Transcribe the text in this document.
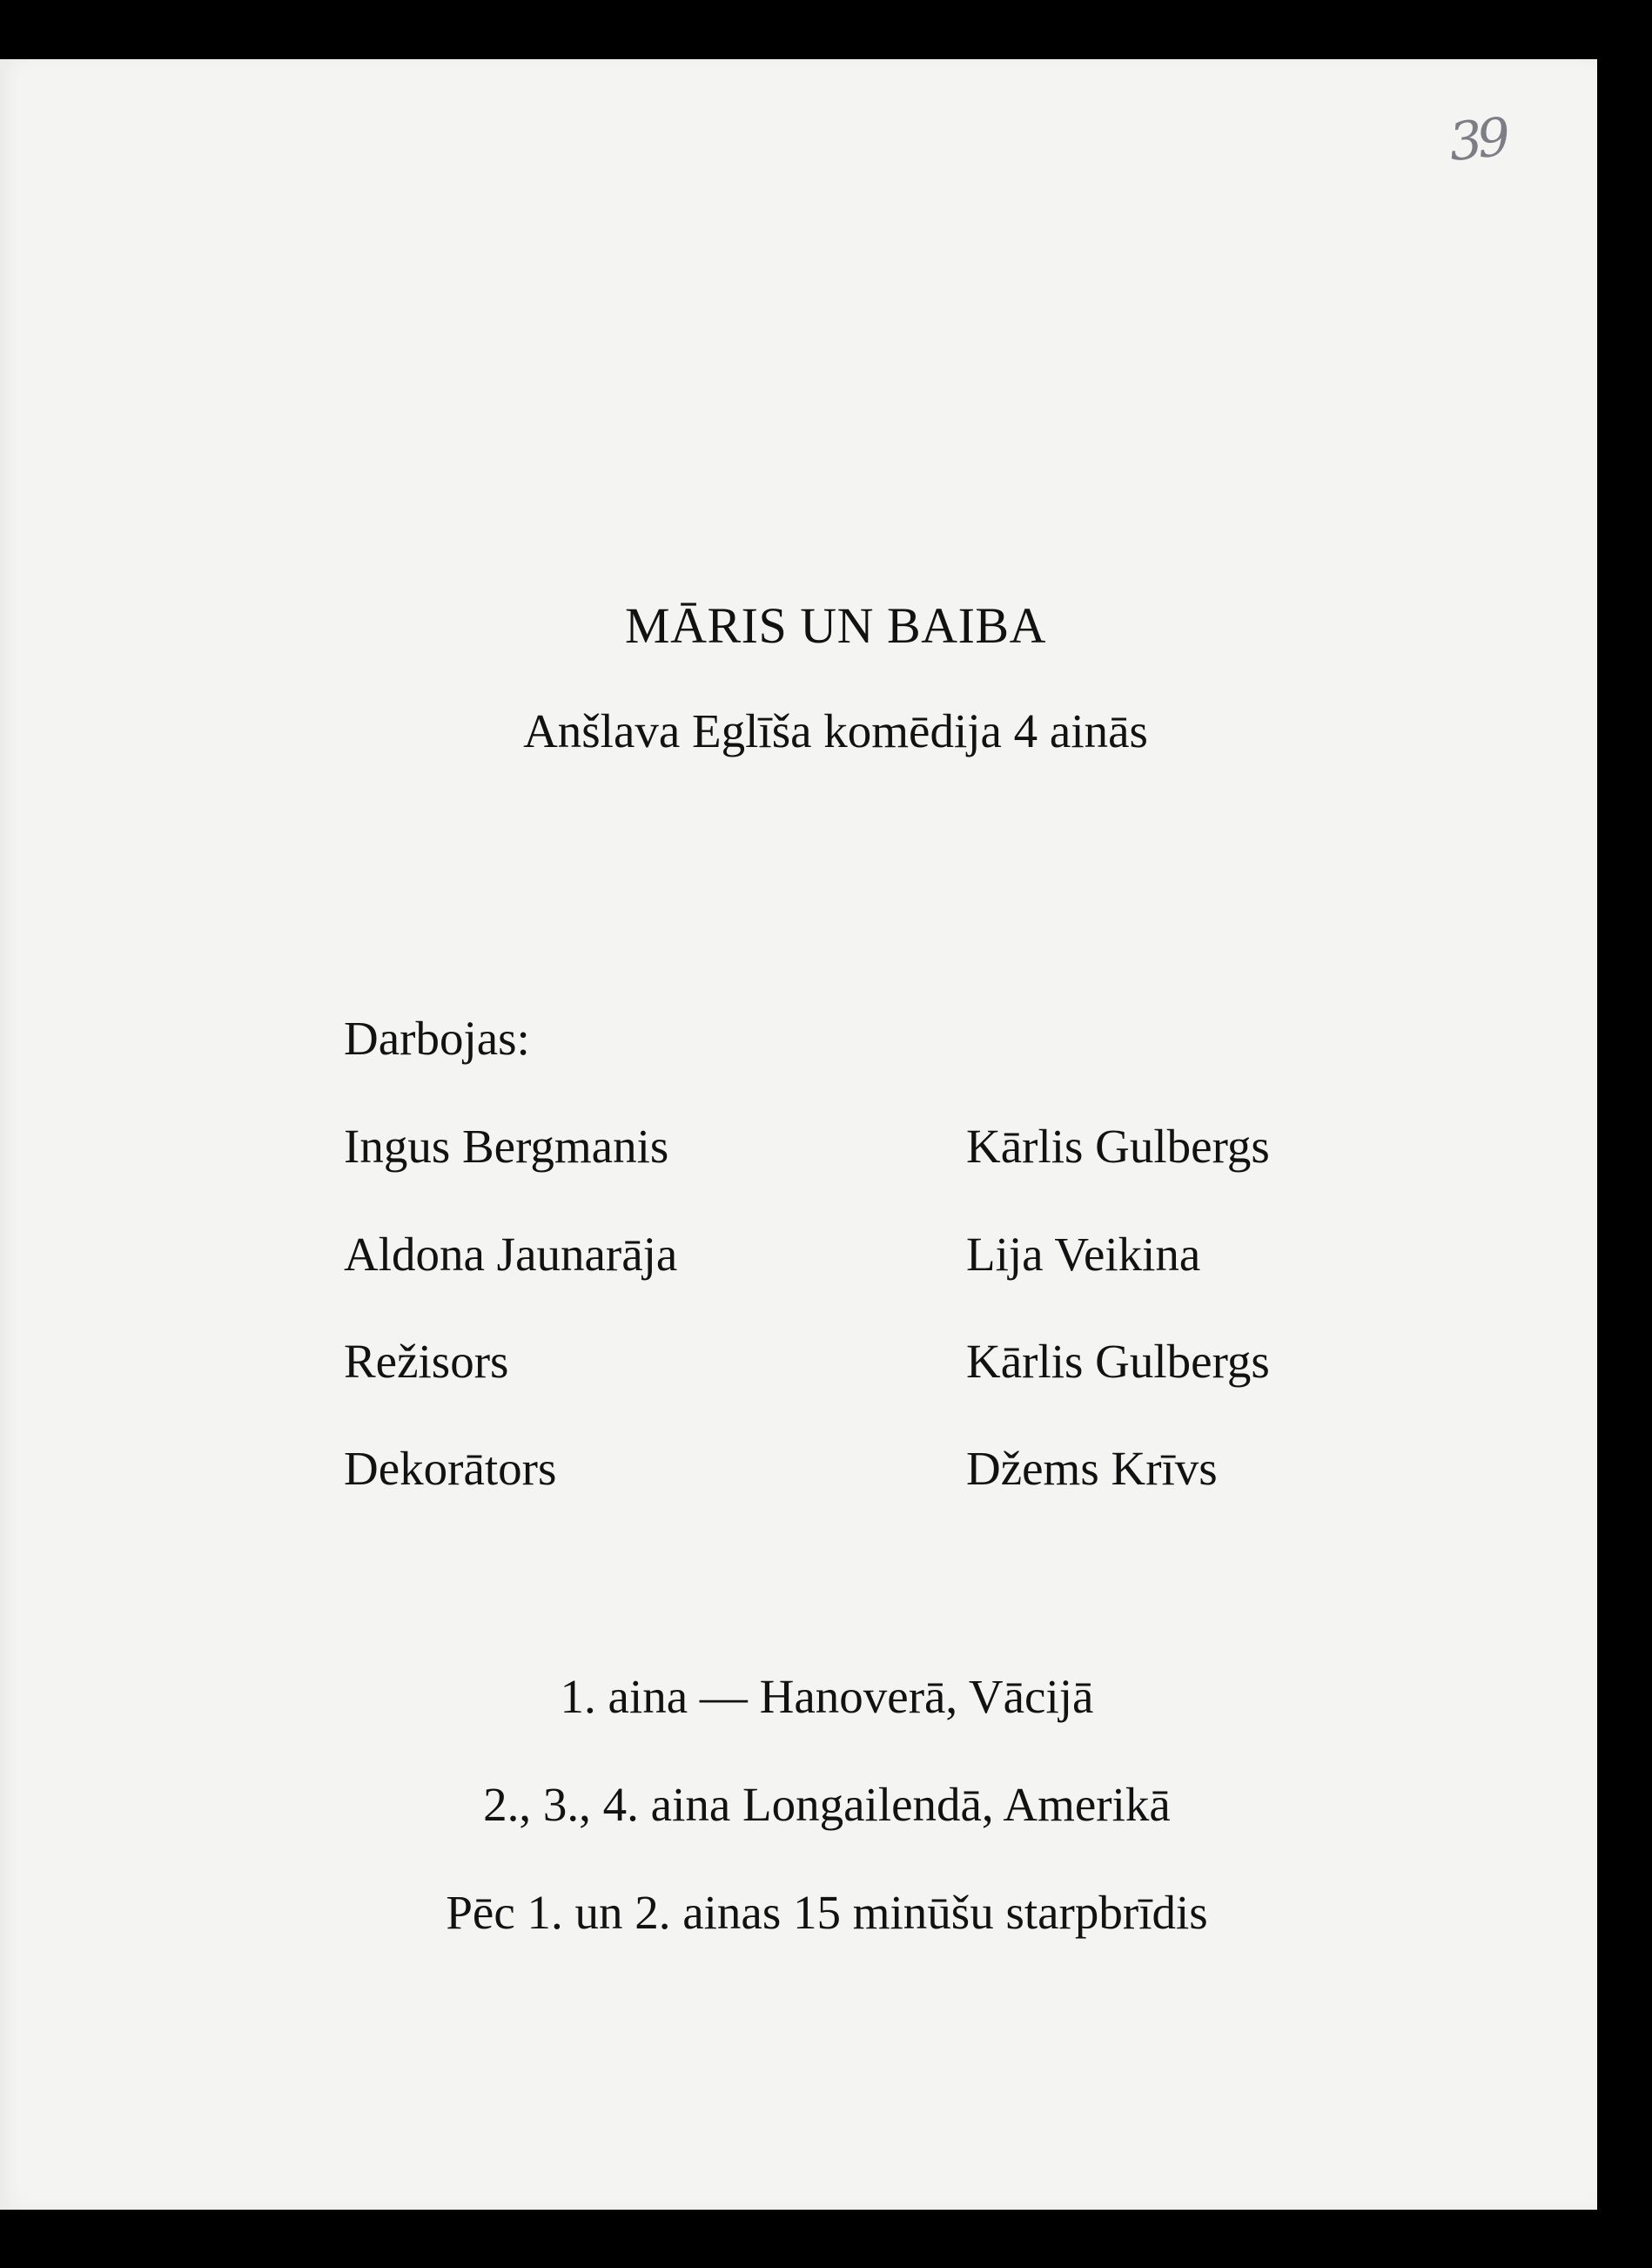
39
MĀRIS UN BAIBA
Anšlava Eglīša komēdija 4 ainās
Darbojas:
Ingus Bergmanis	Kārlis Gulbergs
Aldona Jaunarāja	Lija Veikina
Režisors	Kārlis Gulbergs
Dekorātors	Džems Krīvs
1. aina — Hanoverā, Vācijā
2., 3., 4. aina Longailendā, Amerikā
Pēc 1. un 2. ainas 15 minūšu starpbrīdis
